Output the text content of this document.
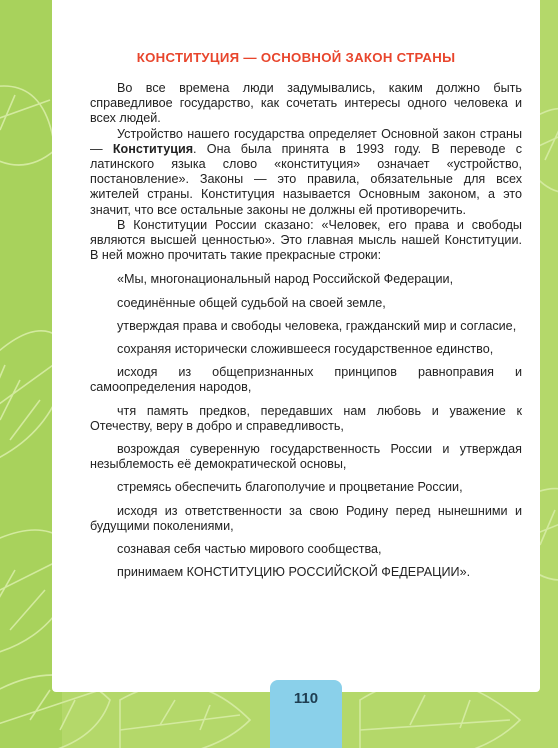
КОНСТИТУЦИЯ — ОСНОВНОЙ ЗАКОН СТРАНЫ

Во все времена люди задумывались, каким должно быть справедливое государство, как сочетать интересы одного человека и всех людей.

Устройство нашего государства определяет Основной закон страны — Конституция. Она была принята в 1993 году. В переводе с латинского языка слово «конституция» означает «устройство, постановление». Законы — это правила, обязательные для всех жителей страны. Конституция называется Основным законом, а это значит, что все остальные законы не должны ей противоречить.

В Конституции России сказано: «Человек, его права и свободы являются высшей ценностью». Это главная мысль нашей Конституции. В ней можно прочитать такие прекрасные строки:

«Мы, многонациональный народ Российской Федерации,

соединённые общей судьбой на своей земле,

утверждая права и свободы человека, гражданский мир и согласие,

сохраняя исторически сложившееся государственное единство,

исходя из общепризнанных принципов равноправия и самоопределения народов,

чтя память предков, передавших нам любовь и уважение к Отечеству, веру в добро и справедливость,

возрождая суверенную государственность России и утверждая незыблемость её демократической основы,

стремясь обеспечить благополучие и процветание России,

исходя из ответственности за свою Родину перед нынешними и будущими поколениями,

сознавая себя частью мирового сообщества,

принимаем КОНСТИТУЦИЮ РОССИЙСКОЙ ФЕДЕРАЦИИ».

110
